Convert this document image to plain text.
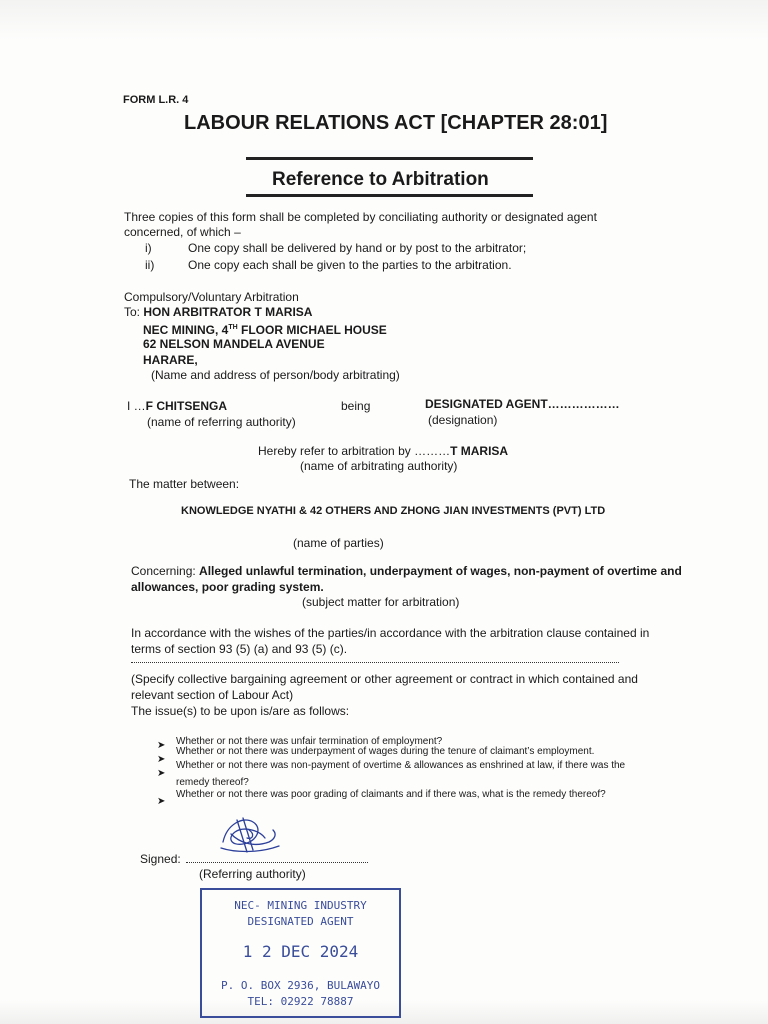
FORM L.R. 4
LABOUR RELATIONS ACT [CHAPTER 28:01]
Reference to Arbitration
Three copies of this form shall be completed by conciliating authority or designated agent
concerned, of which –
i)	One copy shall be delivered by hand or by post to the arbitrator;
ii)	One copy each shall be given to the parties to the arbitration.
Compulsory/Voluntary Arbitration
To: HON ARBITRATOR T MARISA
NEC MINING, 4TH FLOOR MICHAEL HOUSE
62 NELSON MANDELA AVENUE
HARARE,
(Name and address of person/body arbitrating)
I …F CHITSENGA	being	DESIGNATED AGENT………………
(name of referring authority)	(designation)
Hereby refer to arbitration by ………T MARISA
(name of arbitrating authority)
The matter between:
KNOWLEDGE NYATHI & 42 OTHERS AND ZHONG JIAN INVESTMENTS (PVT) LTD
(name of parties)
Concerning: Alleged unlawful termination, underpayment of wages, non-payment of overtime and
allowances, poor grading system.
(subject matter for arbitration)
In accordance with the wishes of the parties/in accordance with the arbitration clause contained in
terms of section 93 (5) (a) and 93 (5) (c).
(Specify collective bargaining agreement or other agreement or contract in which contained and
relevant section of Labour Act)
The issue(s) to be upon is/are as follows:
➤ Whether or not there was unfair termination of employment?
➤
Whether or not there was underpayment of wages during the tenure of claimant’s employment.
➤
Whether or not there was non-payment of overtime & allowances as enshrined at law, if there was the
remedy thereof?
➤
Whether or not there was poor grading of claimants and if there was, what is the remedy thereof?
Signed:
(Referring authority)
NEC- MINING INDUSTRY
DESIGNATED AGENT
1 2 DEC 2024
P. O. BOX 2936, BULAWAYO
TEL: 02922 78887
